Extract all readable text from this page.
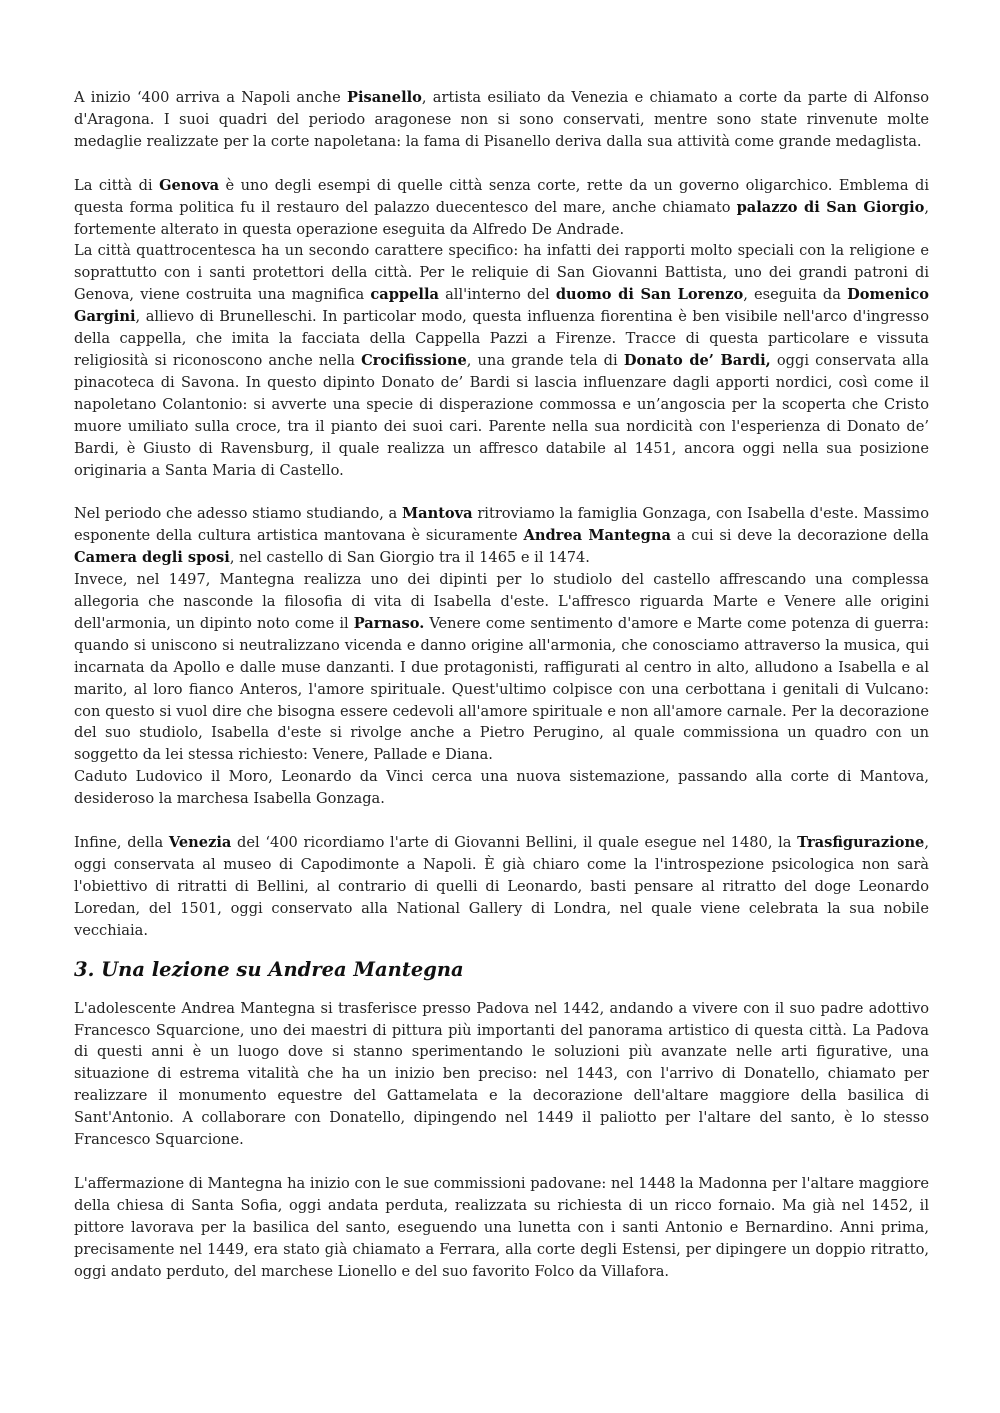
A inizio ‘400 arriva a Napoli anche Pisanello, artista esiliato da Venezia e chiamato a corte da parte di Alfonso d'Aragona. I suoi quadri del periodo aragonese non si sono conservati, mentre sono state rinvenute molte medaglie realizzate per la corte napoletana: la fama di Pisanello deriva dalla sua attività come grande medaglista.

La città di Genova è uno degli esempi di quelle città senza corte, rette da un governo oligarchico. Emblema di questa forma politica fu il restauro del palazzo duecentesco del mare, anche chiamato palazzo di San Giorgio, fortemente alterato in questa operazione eseguita da Alfredo De Andrade.

La città quattrocentesca ha un secondo carattere specifico: ha infatti dei rapporti molto speciali con la religione e soprattutto con i santi protettori della città. Per le reliquie di San Giovanni Battista, uno dei grandi patroni di Genova, viene costruita una magnifica cappella all'interno del duomo di San Lorenzo, eseguita da Domenico Gargini, allievo di Brunelleschi. In particolar modo, questa influenza fiorentina è ben visibile nell'arco d'ingresso della cappella, che imita la facciata della Cappella Pazzi a Firenze. Tracce di questa particolare e vissuta religiosità si riconoscono anche nella Crocifissione, una grande tela di Donato de’ Bardi, oggi conservata alla pinacoteca di Savona. In questo dipinto Donato de’ Bardi si lascia influenzare dagli apporti nordici, così come il napoletano Colantonio: si avverte una specie di disperazione commossa e un’angoscia per la scoperta che Cristo muore umiliato sulla croce, tra il pianto dei suoi cari. Parente nella sua nordicità con l'esperienza di Donato de’ Bardi, è Giusto di Ravensburg, il quale realizza un affresco databile al 1451, ancora oggi nella sua posizione originaria a Santa Maria di Castello.

Nel periodo che adesso stiamo studiando, a Mantova ritroviamo la famiglia Gonzaga, con Isabella d'este. Massimo esponente della cultura artistica mantovana è sicuramente Andrea Mantegna a cui si deve la decorazione della Camera degli sposi, nel castello di San Giorgio tra il 1465 e il 1474.

Invece, nel 1497, Mantegna realizza uno dei dipinti per lo studiolo del castello affrescando una complessa allegoria che nasconde la filosofia di vita di Isabella d'este. L'affresco riguarda Marte e Venere alle origini dell'armonia, un dipinto noto come il Parnaso. Venere come sentimento d'amore e Marte come potenza di guerra: quando si uniscono si neutralizzano vicenda e danno origine all'armonia, che conosciamo attraverso la musica, qui incarnata da Apollo e dalle muse danzanti. I due protagonisti, raffigurati al centro in alto, alludono a Isabella e al marito, al loro fianco Anteros, l'amore spirituale. Quest'ultimo colpisce con una cerbottana i genitali di Vulcano: con questo si vuol dire che bisogna essere cedevoli all'amore spirituale e non all'amore carnale. Per la decorazione del suo studiolo, Isabella d'este si rivolge anche a Pietro Perugino, al quale commissiona un quadro con un soggetto da lei stessa richiesto: Venere, Pallade e Diana.

Caduto Ludovico il Moro, Leonardo da Vinci cerca una nuova sistemazione, passando alla corte di Mantova, desideroso la marchesa Isabella Gonzaga.

Infine, della Venezia del ‘400 ricordiamo l'arte di Giovanni Bellini, il quale esegue nel 1480, la Trasfigurazione, oggi conservata al museo di Capodimonte a Napoli. È già chiaro come la l'introspezione psicologica non sarà l'obiettivo di ritratti di Bellini, al contrario di quelli di Leonardo, basti pensare al ritratto del doge Leonardo Loredan, del 1501, oggi conservato alla National Gallery di Londra, nel quale viene celebrata la sua nobile vecchiaia.

3. Una lezione su Andrea Mantegna

L'adolescente Andrea Mantegna si trasferisce presso Padova nel 1442, andando a vivere con il suo padre adottivo Francesco Squarcione, uno dei maestri di pittura più importanti del panorama artistico di questa città. La Padova di questi anni è un luogo dove si stanno sperimentando le soluzioni più avanzate nelle arti figurative, una situazione di estrema vitalità che ha un inizio ben preciso: nel 1443, con l'arrivo di Donatello, chiamato per realizzare il monumento equestre del Gattamelata e la decorazione dell'altare maggiore della basilica di Sant'Antonio. A collaborare con Donatello, dipingendo nel 1449 il paliotto per l'altare del santo, è lo stesso Francesco Squarcione.

L'affermazione di Mantegna ha inizio con le sue commissioni padovane: nel 1448 la Madonna per l'altare maggiore della chiesa di Santa Sofia, oggi andata perduta, realizzata su richiesta di un ricco fornaio. Ma già nel 1452, il pittore lavorava per la basilica del santo, eseguendo una lunetta con i santi Antonio e Bernardino. Anni prima, precisamente nel 1449, era stato già chiamato a Ferrara, alla corte degli Estensi, per dipingere un doppio ritratto, oggi andato perduto, del marchese Lionello e del suo favorito Folco da Villafora.
